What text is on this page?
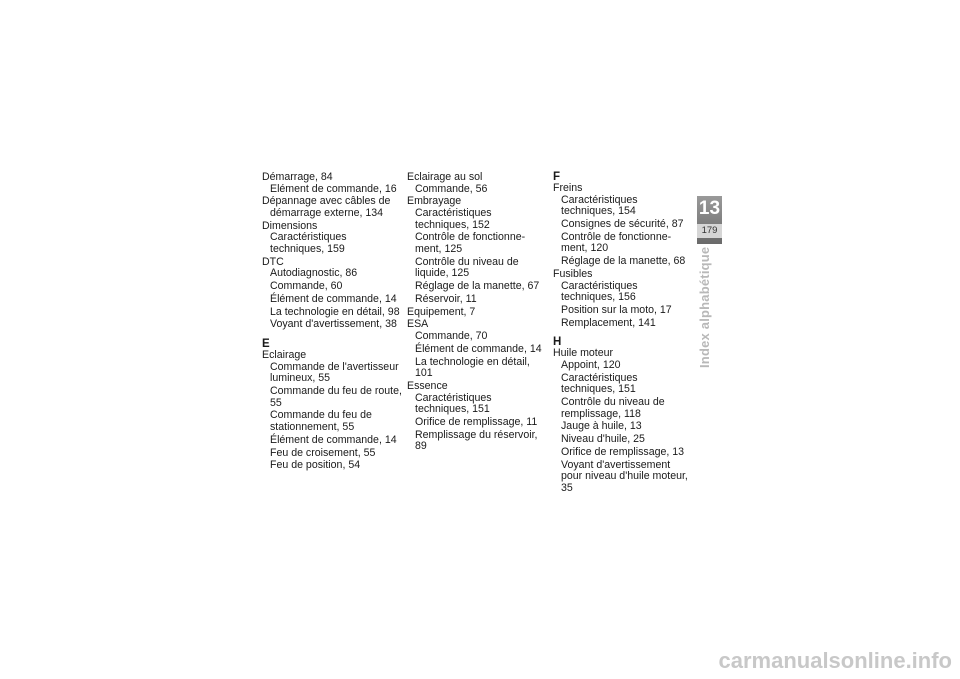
Démarrage, 84
Elément de commande, 16
Dépannage avec câbles de
démarrage externe, 134
Dimensions
Caractéristiques techniques, 159
DTC
Autodiagnostic, 86
Commande, 60
Élément de commande, 14
La technologie en détail, 98
Voyant d'avertissement, 38
E
Eclairage
Commande de l'avertisseur lumineux, 55
Commande du feu de route, 55
Commande du feu de stationnement, 55
Élément de commande, 14
Feu de croisement, 55
Feu de position, 54
Eclairage au sol
Commande, 56
Embrayage
Caractéristiques techniques, 152
Contrôle de fonctionne-ment, 125
Contrôle du niveau de liquide, 125
Réglage de la manette, 67
Réservoir, 11
Equipement, 7
ESA
Commande, 70
Élément de commande, 14
La technologie en détail, 101
Essence
Caractéristiques techniques, 151
Orifice de remplissage, 11
Remplissage du réservoir, 89
F
Freins
Caractéristiques techniques, 154
Consignes de sécurité, 87
Contrôle de fonctionne-ment, 120
Réglage de la manette, 68
Fusibles
Caractéristiques techniques, 156
Position sur la moto, 17
Remplacement, 141
H
Huile moteur
Appoint, 120
Caractéristiques techniques, 151
Contrôle du niveau de remplissage, 118
Jauge à huile, 13
Niveau d'huile, 25
Orifice de remplissage, 13
Voyant d'avertissement pour niveau d'huile moteur, 35
13
179
Index alphabétique
carmanualsonline.info
